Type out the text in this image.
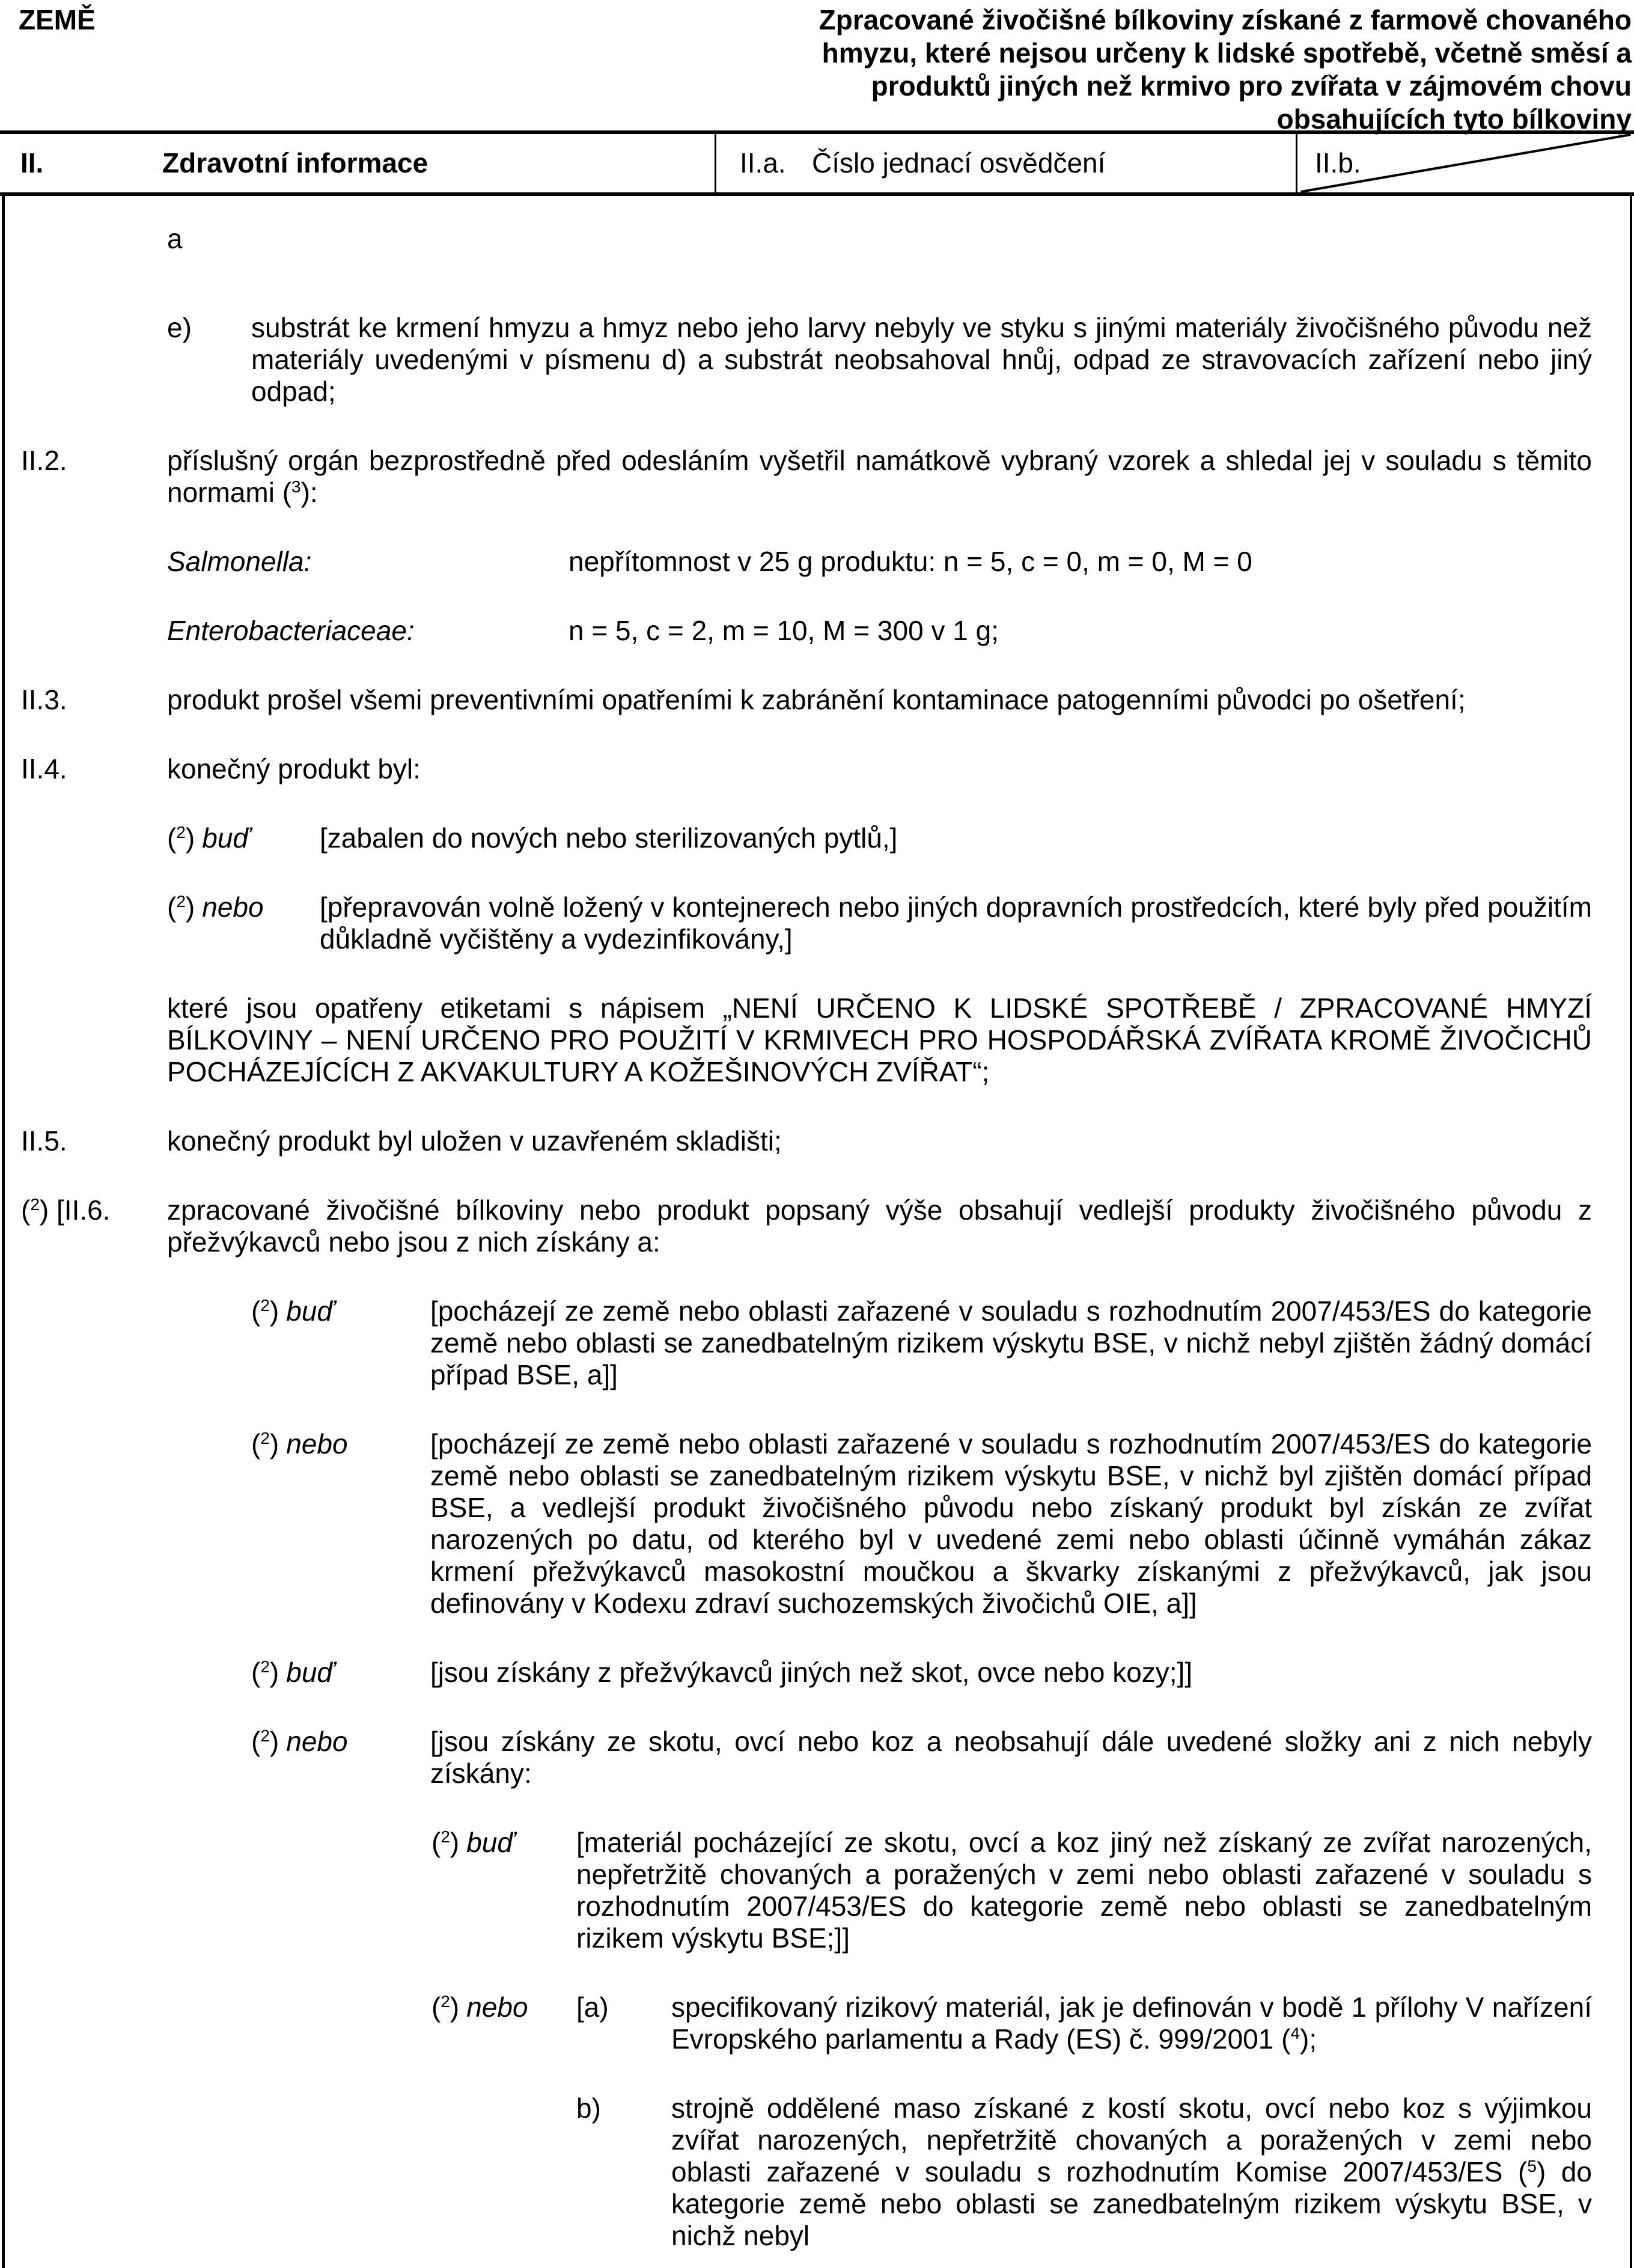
ZEMĚ	Zpracované živočišné bílkoviny získané z farmově chovaného hmyzu, které nejsou určeny k lidské spotřebě, včetně směsí a produktů jiných než krmivo pro zvířata v zájmovém chovu obsahujících tyto bílkoviny
II.	Zdravotní informace	II.a. Číslo jednací osvědčení	II.b.
a
e)	substrát ke krmení hmyzu a hmyz nebo jeho larvy nebyly ve styku s jinými materiály živočišného původu než materiály uvedenými v písmenu d) a substrát neobsahoval hnůj, odpad ze stravovacích zařízení nebo jiný odpad;
II.2.	příslušný orgán bezprostředně před odesláním vyšetřil namátkově vybraný vzorek a shledal jej v souladu s těmito normami ($^3$):
Salmonella:	nepřítomnost v 25 g produktu: n = 5, c = 0, m = 0, M = 0
Enterobacteriaceae:	n = 5, c = 2, m = 10, M = 300 v 1 g;
II.3.	produkt prošel všemi preventivními opatřeními k zabránění kontaminace patogenními původci po ošetření;
II.4.	konečný produkt byl:
($^2$) buď	[zabalen do nových nebo sterilizovaných pytlů,]
($^2$) nebo	[přepravován volně ložený v kontejnerech nebo jiných dopravních prostředcích, které byly před použitím důkladně vyčištěny a vydezinfikovány,]
které jsou opatřeny etiketami s nápisem „NENÍ URČENO K LIDSKÉ SPOTŘEBĚ / ZPRACOVANÉ HMYZÍ BÍLKOVINY – NENÍ URČENO PRO POUŽITÍ V KRMIVECH PRO HOSPODÁŘSKÁ ZVÍŘATA KROMĚ ŽIVOČICHŮ POCHÁZEJÍCÍCH Z AKVAKULTURY A KOŽEŠINOVÝCH ZVÍŘAT“;
II.5.	konečný produkt byl uložen v uzavřeném skladišti;
($^2$) [II.6.	zpracované živočišné bílkoviny nebo produkt popsaný výše obsahují vedlejší produkty živočišného původu z přežvýkavců nebo jsou z nich získány a:
($^2$) buď	[pocházejí ze země nebo oblasti zařazené v souladu s rozhodnutím 2007/453/ES do kategorie země nebo oblasti se zanedbatelným rizikem výskytu BSE, v nichž nebyl zjištěn žádný domácí případ BSE, a]]
($^2$) nebo	[pocházejí ze země nebo oblasti zařazené v souladu s rozhodnutím 2007/453/ES do kategorie země nebo oblasti se zanedbatelným rizikem výskytu BSE, v nichž byl zjištěn domácí případ BSE, a vedlejší produkt živočišného původu nebo získaný produkt byl získán ze zvířat narozených po datu, od kterého byl v uvedené zemi nebo oblasti účinně vymáhán zákaz krmení přežvýkavců masokostní moučkou a škvarky získanými z přežvýkavců, jak jsou definovány v Kodexu zdraví suchozemských živočichů OIE, a]]
($^2$) buď	[jsou získány z přežvýkavců jiných než skot, ovce nebo kozy;]]
($^2$) nebo	[jsou získány ze skotu, ovcí nebo koz a neobsahují dále uvedené složky ani z nich nebyly získány:
($^2$) buď	[materiál pocházející ze skotu, ovcí a koz jiný než získaný ze zvířat narozených, nepřetržitě chovaných a poražených v zemi nebo oblasti zařazené v souladu s rozhodnutím 2007/453/ES do kategorie země nebo oblasti se zanedbatelným rizikem výskytu BSE;]]
($^2$) nebo	[a)	specifikovaný rizikový materiál, jak je definován v bodě 1 přílohy V nařízení Evropského parlamentu a Rady (ES) č. 999/2001 ($^4$);
b)	strojně oddělené maso získané z kostí skotu, ovcí nebo koz s výjimkou zvířat narozených, nepřetržitě chovaných a poražených v zemi nebo oblasti zařazené v souladu s rozhodnutím Komise 2007/453/ES ($^5$) do kategorie země nebo oblasti se zanedbatelným rizikem výskytu BSE, v nichž nebyl
